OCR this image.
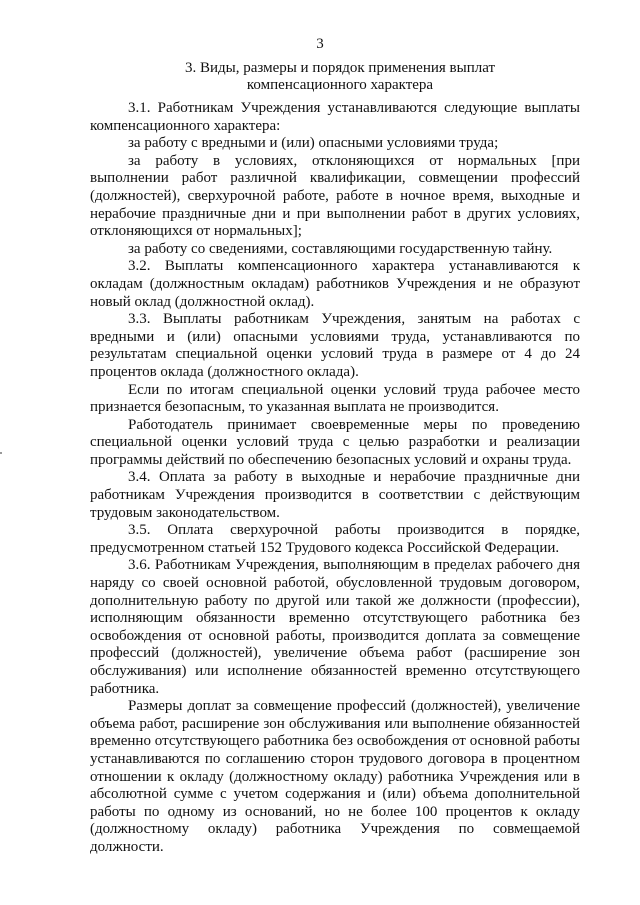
3
3. Виды, размеры и порядок применения выплат
компенсационного характера

3.1. Работникам Учреждения устанавливаются следующие выплаты компенсационного характера:

за работу с вредными и (или) опасными условиями труда;

за работу в условиях, отклоняющихся от нормальных [при выполнении работ различной квалификации, совмещении профессий (должностей), сверхурочной работе, работе в ночное время, выходные и нерабочие праздничные дни и при выполнении работ в других условиях, отклоняющихся от нормальных];

за работу со сведениями, составляющими государственную тайну.

3.2. Выплаты компенсационного характера устанавливаются к окладам (должностным окладам) работников Учреждения и не образуют новый оклад (должностной оклад).

3.3. Выплаты работникам Учреждения, занятым на работах с вредными и (или) опасными условиями труда, устанавливаются по результатам специальной оценки условий труда в размере от 4 до 24 процентов оклада (должностного оклада).

Если по итогам специальной оценки условий труда рабочее место признается безопасным, то указанная выплата не производится.

Работодатель принимает своевременные меры по проведению специальной оценки условий труда с целью разработки и реализации программы действий по обеспечению безопасных условий и охраны труда.

3.4. Оплата за работу в выходные и нерабочие праздничные дни работникам Учреждения производится в соответствии с действующим трудовым законодательством.

3.5. Оплата сверхурочной работы производится в порядке, предусмотренном статьей 152 Трудового кодекса Российской Федерации.

3.6. Работникам Учреждения, выполняющим в пределах рабочего дня наряду со своей основной работой, обусловленной трудовым договором, дополнительную работу по другой или такой же должности (профессии), исполняющим обязанности временно отсутствующего работника без освобождения от основной работы, производится доплата за совмещение профессий (должностей), увеличение объема работ (расширение зон обслуживания) или исполнение обязанностей временно отсутствующего работника.

Размеры доплат за совмещение профессий (должностей), увеличение объема работ, расширение зон обслуживания или выполнение обязанностей временно отсутствующего работника без освобождения от основной работы устанавливаются по соглашению сторон трудового договора в процентном отношении к окладу (должностному окладу) работника Учреждения или в абсолютной сумме с учетом содержания и (или) объема дополнительной работы по одному из оснований, но не более 100 процентов к окладу (должностному окладу) работника Учреждения по совмещаемой должности.
